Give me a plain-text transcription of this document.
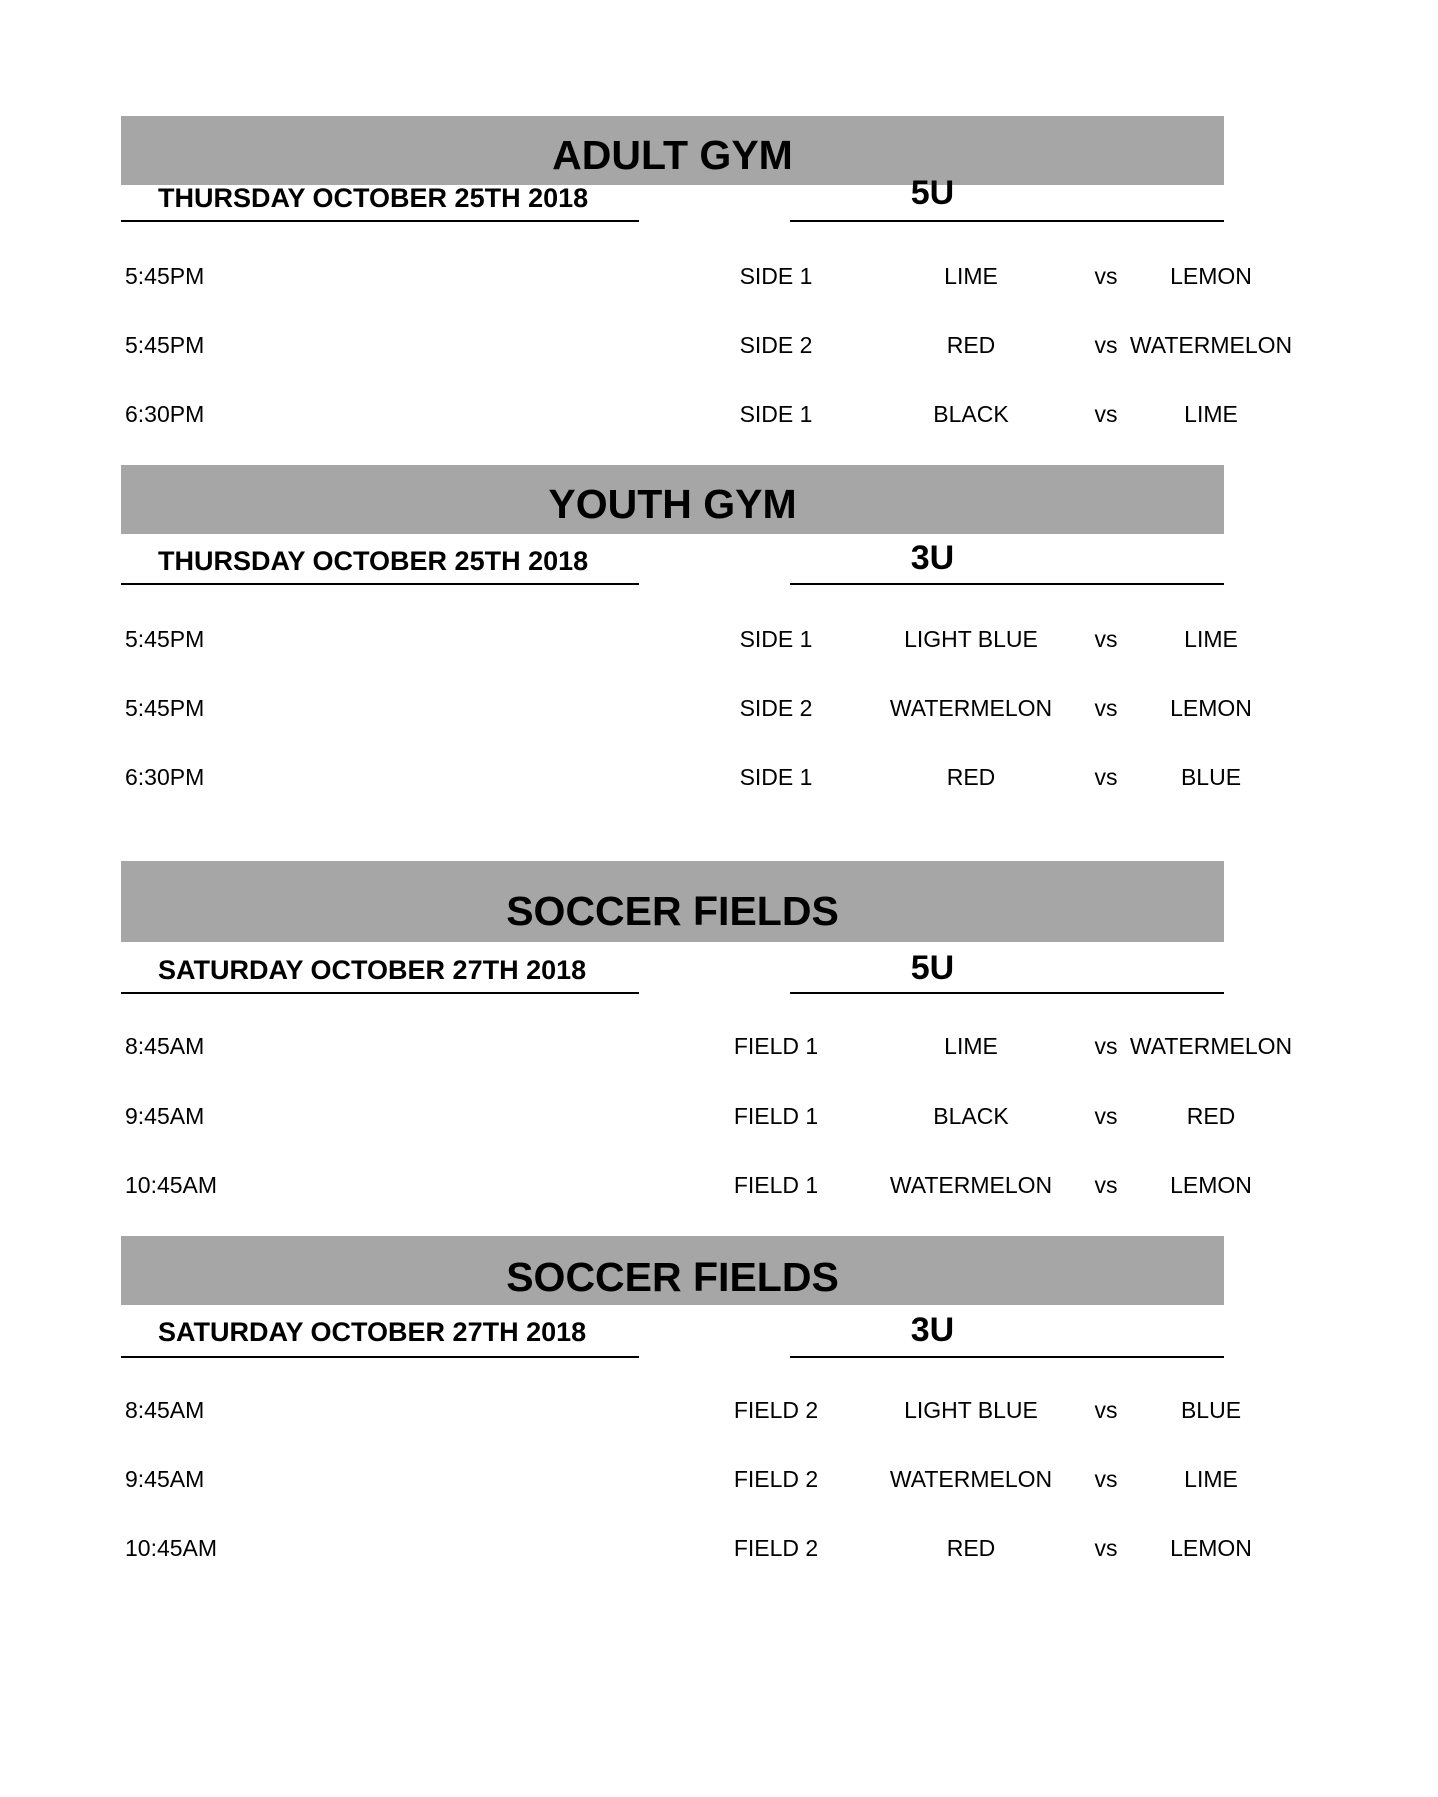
ADULT GYM
THURSDAY OCTOBER 25TH 2018	5U
5:45PM	SIDE 1	LIME	vs	LEMON
5:45PM	SIDE 2	RED	vs WATERMELON
6:30PM	SIDE 1	BLACK	vs	LIME
YOUTH GYM
THURSDAY OCTOBER 25TH 2018	3U
5:45PM	SIDE 1	LIGHT BLUE	vs	LIME
5:45PM	SIDE 2	WATERMELON	vs	LEMON
6:30PM	SIDE 1	RED	vs	BLUE
SOCCER FIELDS
SATURDAY OCTOBER 27TH 2018	5U
8:45AM	FIELD 1	LIME	vs WATERMELON
9:45AM	FIELD 1	BLACK	vs	RED
10:45AM	FIELD 1	WATERMELON	vs	LEMON
SOCCER FIELDS
SATURDAY OCTOBER 27TH 2018	3U
8:45AM	FIELD 2	LIGHT BLUE	vs	BLUE
9:45AM	FIELD 2	WATERMELON	vs	LIME
10:45AM	FIELD 2	RED	vs	LEMON
